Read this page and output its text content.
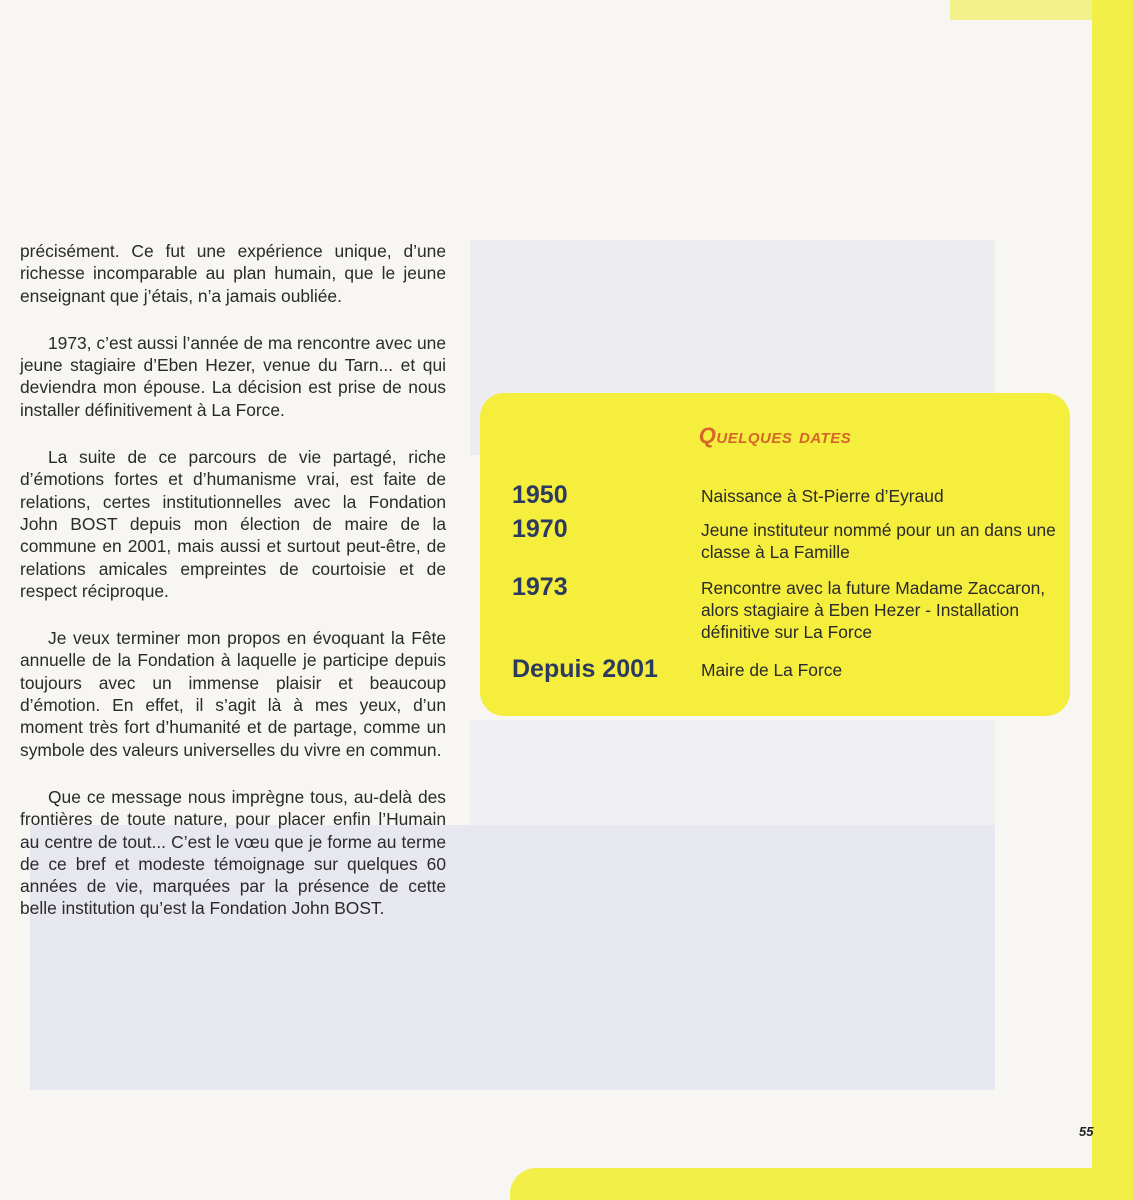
précisément. Ce fut une expérience unique, d’une richesse incomparable au plan humain, que le jeune enseignant que j’étais, n’a jamais oubliée.

1973, c’est aussi l’année de ma rencontre avec une jeune stagiaire d’Eben Hezer, venue du Tarn... et qui deviendra mon épouse. La décision est prise de nous installer définitivement à La Force.

La suite de ce parcours de vie partagé, riche d’émotions fortes et d’humanisme vrai, est faite de relations, certes institutionnelles avec la Fondation John BOST depuis mon élection de maire de la commune en 2001, mais aussi et surtout peut-être, de relations amicales empreintes de courtoisie et de respect réciproque.

Je veux terminer mon propos en évoquant la Fête annuelle de la Fondation à laquelle je participe depuis toujours avec un immense plaisir et beaucoup d’émotion. En effet, il s’agit là à mes yeux, d’un moment très fort d’humanité et de partage, comme un symbole des valeurs universelles du vivre en commun.

Que ce message nous imprègne tous, au-delà des frontières de toute nature, pour placer enfin l’Humain au centre de tout... C’est le vœu que je forme au terme de ce bref et modeste témoignage sur quelques 60 années de vie, marquées par la présence de cette belle institution qu’est la Fondation John BOST.

Quelques dates
1950	Naissance à St-Pierre d’Eyraud
1970	Jeune instituteur nommé pour un an dans une classe à La Famille
1973	Rencontre avec la future Madame Zaccaron, alors stagiaire à Eben Hezer - Installation définitive sur La Force
Depuis 2001 Maire de La Force
55
